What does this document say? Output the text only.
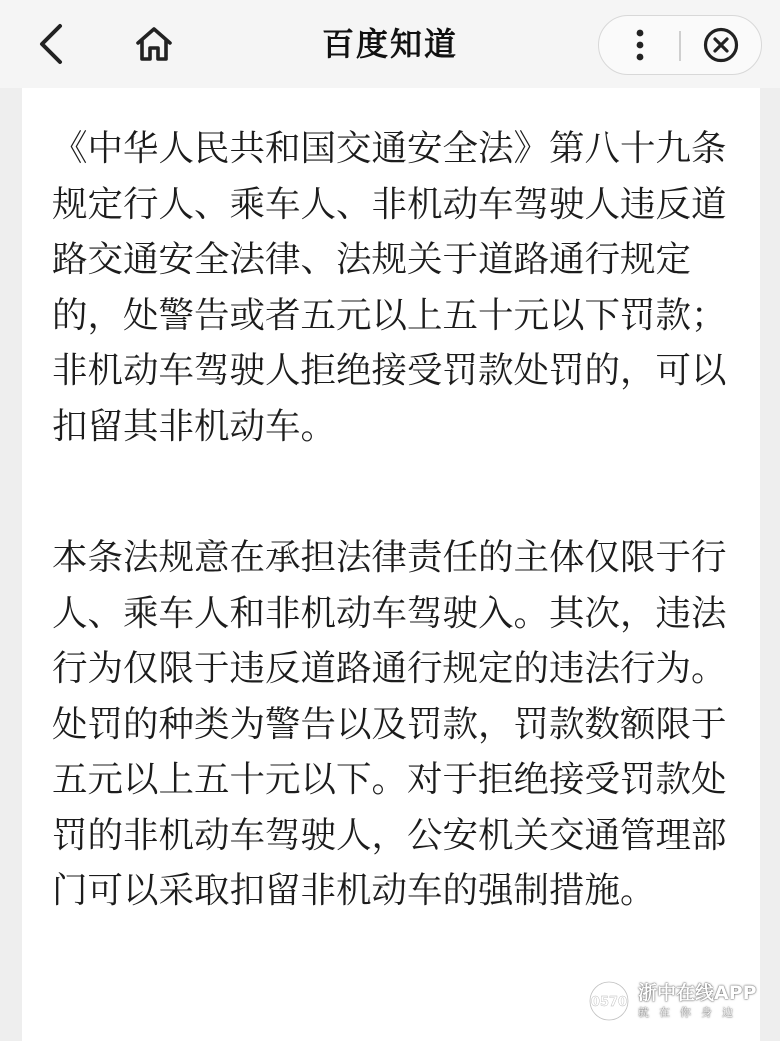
百度知道

《中华人民共和国交通安全法》第八十九条规定行人、乘车人、非机动车驾驶人违反道路交通安全法律、法规关于道路通行规定的，处警告或者五元以上五十元以下罚款；非机动车驾驶人拒绝接受罚款处罚的，可以扣留其非机动车。

本条法规意在承担法律责任的主体仅限于行人、乘车人和非机动车驾驶入。其次，违法行为仅限于违反道路通行规定的违法行为。处罚的种类为警告以及罚款，罚款数额限于五元以上五十元以下。对于拒绝接受罚款处罚的非机动车驾驶人，公安机关交通管理部门可以采取扣留非机动车的强制措施。

0570 浙中在线APP
就在你身边
